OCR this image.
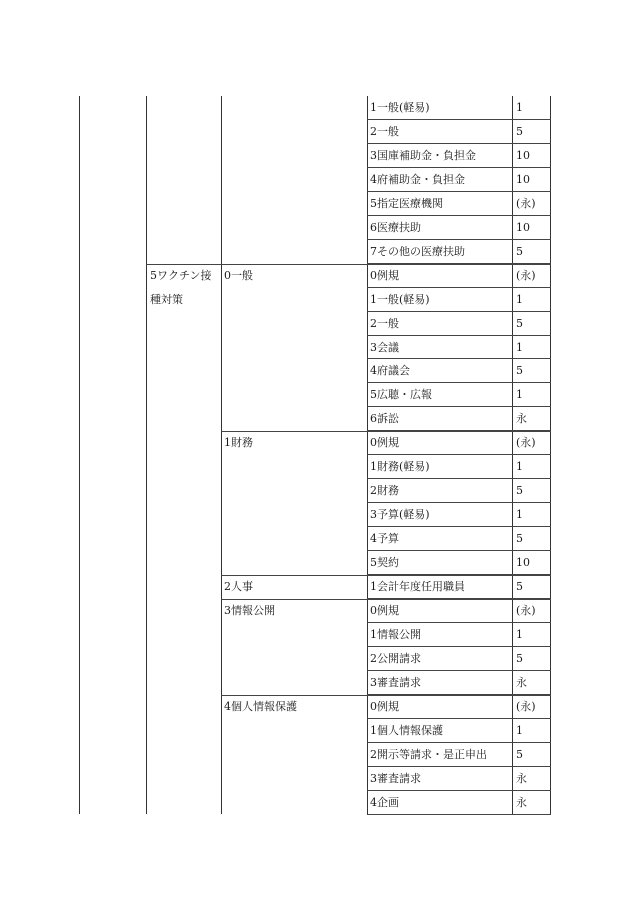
1一般(軽易)	1
2一般	5
3国庫補助金・負担金	10
4府補助金・負担金	10
5指定医療機関	(永)
6医療扶助	10
7その他の医療扶助	5
5ワクチン接
種対策
0一般	0例規	(永)
1一般(軽易)	1
2一般	5
3会議	1
4府議会	5
5広聴・広報	1
6訴訟	永
1財務	0例規	(永)
1財務(軽易)	1
2財務	5
3予算(軽易)	1
4予算	5
5契約	10
2人事	1会計年度任用職員	5
3情報公開	0例規	(永)
1情報公開	1
2公開請求	5
3審査請求	永
4個人情報保護	0例規	(永)
1個人情報保護	1
2開示等請求・是正申出	5
3審査請求	永
4企画	永
